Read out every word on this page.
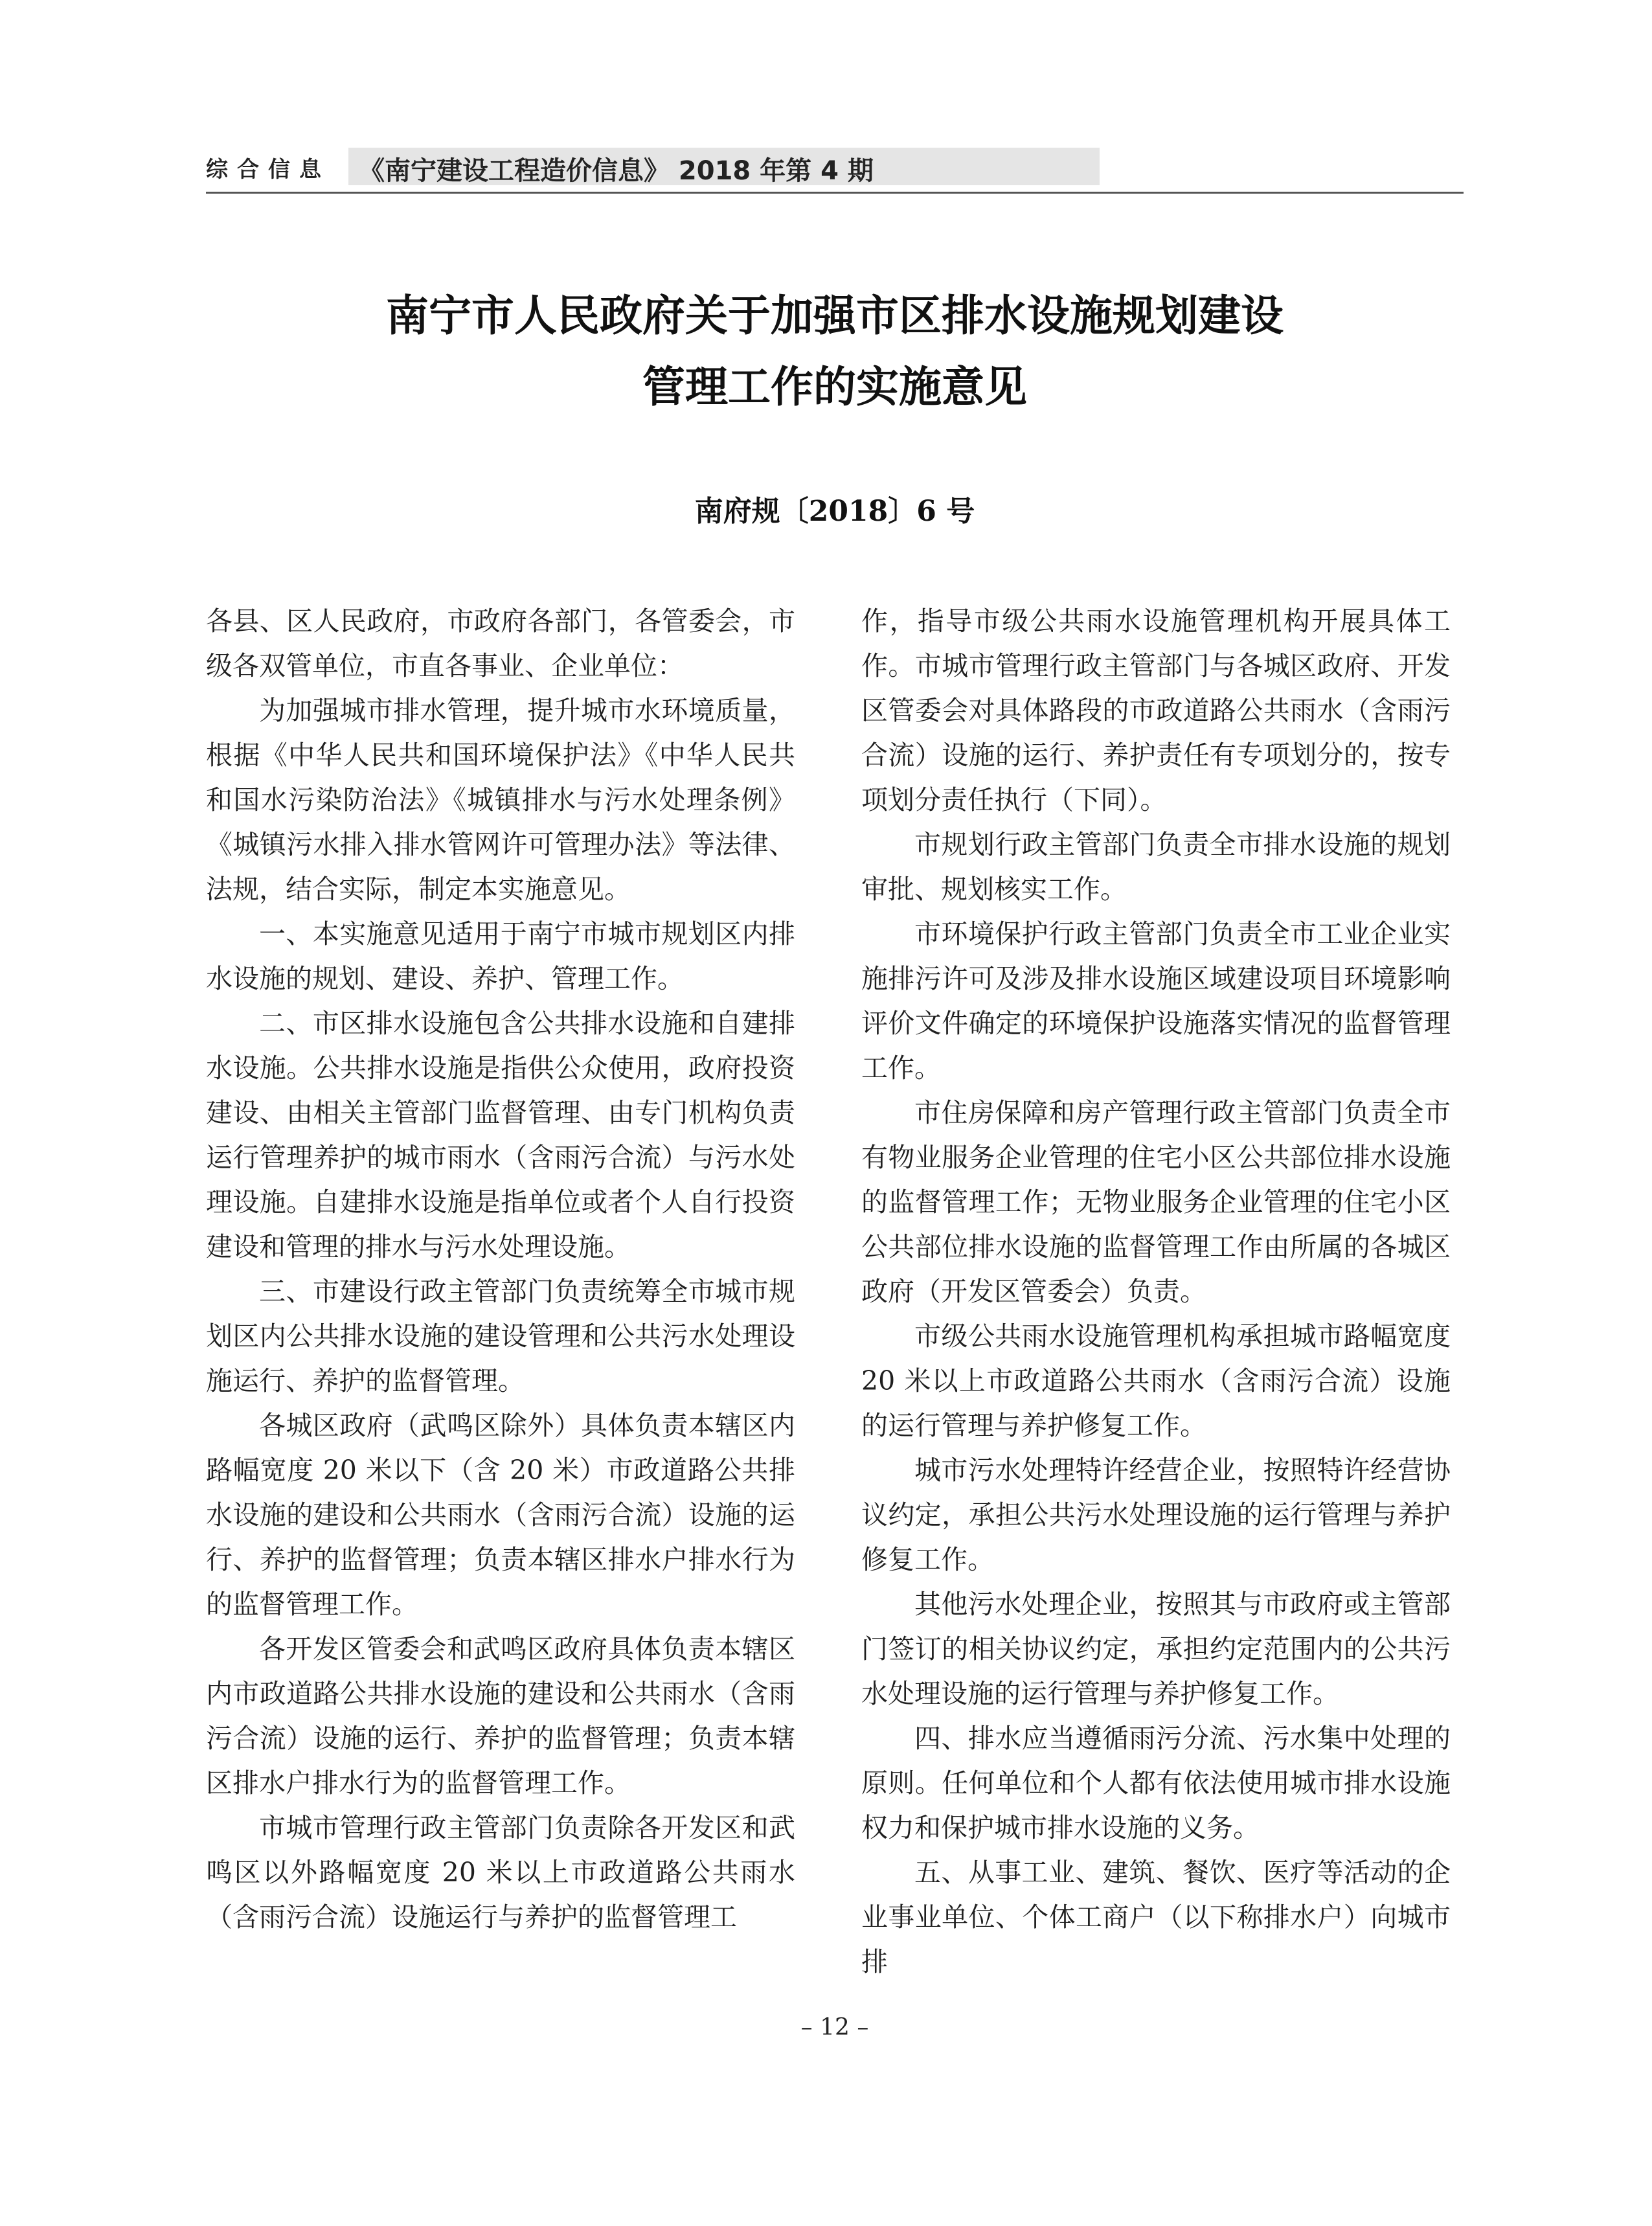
综合信息 《南宁建设工程造价信息》 2018 年第 4 期
南宁市人民政府关于加强市区排水设施规划建设管理工作的实施意见
南府规〔2018〕6 号

各县、区人民政府，市政府各部门，各管委会，市级各双管单位，市直各事业、企业单位：

为加强城市排水管理，提升城市水环境质量，根据《中华人民共和国环境保护法》《中华人民共和国水污染防治法》《城镇排水与污水处理条例》《城镇污水排入排水管网许可管理办法》等法律、法规，结合实际，制定本实施意见。

一、本实施意见适用于南宁市城市规划区内排水设施的规划、建设、养护、管理工作。

二、市区排水设施包含公共排水设施和自建排水设施。公共排水设施是指供公众使用，政府投资建设、由相关主管部门监督管理、由专门机构负责运行管理养护的城市雨水（含雨污合流）与污水处理设施。自建排水设施是指单位或者个人自行投资建设和管理的排水与污水处理设施。

三、市建设行政主管部门负责统筹全市城市规划区内公共排水设施的建设管理和公共污水处理设施运行、养护的监督管理。

各城区政府（武鸣区除外）具体负责本辖区内路幅宽度 20 米以下（含 20 米）市政道路公共排水设施的建设和公共雨水（含雨污合流）设施的运行、养护的监督管理；负责本辖区排水户排水行为的监督管理工作。

各开发区管委会和武鸣区政府具体负责本辖区内市政道路公共排水设施的建设和公共雨水（含雨污合流）设施的运行、养护的监督管理；负责本辖区排水户排水行为的监督管理工作。

市城市管理行政主管部门负责除各开发区和武鸣区以外路幅宽度 20 米以上市政道路公共雨水（含雨污合流）设施运行与养护的监督管理工

作，指导市级公共雨水设施管理机构开展具体工作。市城市管理行政主管部门与各城区政府、开发区管委会对具体路段的市政道路公共雨水（含雨污合流）设施的运行、养护责任有专项划分的，按专项划分责任执行（下同）。

市规划行政主管部门负责全市排水设施的规划审批、规划核实工作。

市环境保护行政主管部门负责全市工业企业实施排污许可及涉及排水设施区域建设项目环境影响评价文件确定的环境保护设施落实情况的监督管理工作。

市住房保障和房产管理行政主管部门负责全市有物业服务企业管理的住宅小区公共部位排水设施的监督管理工作；无物业服务企业管理的住宅小区公共部位排水设施的监督管理工作由所属的各城区政府（开发区管委会）负责。

市级公共雨水设施管理机构承担城市路幅宽度 20 米以上市政道路公共雨水（含雨污合流）设施的运行管理与养护修复工作。

城市污水处理特许经营企业，按照特许经营协议约定，承担公共污水处理设施的运行管理与养护修复工作。

其他污水处理企业，按照其与市政府或主管部门签订的相关协议约定，承担约定范围内的公共污水处理设施的运行管理与养护修复工作。

四、排水应当遵循雨污分流、污水集中处理的原则。任何单位和个人都有依法使用城市排水设施权力和保护城市排水设施的义务。

五、从事工业、建筑、餐饮、医疗等活动的企业事业单位、个体工商户（以下称排水户）向城市排

– 12 –
